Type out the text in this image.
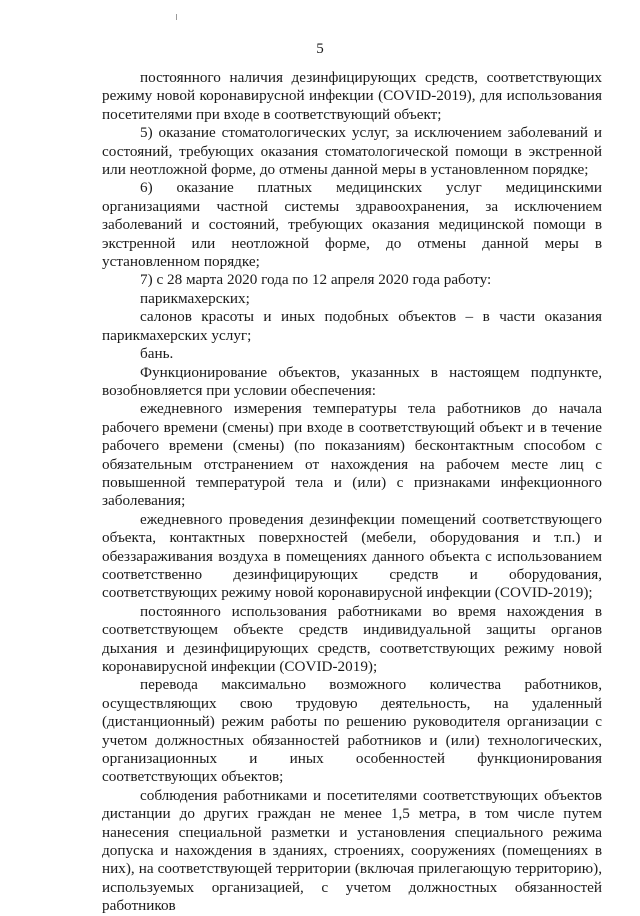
5

постоянного наличия дезинфицирующих средств, соответствующих режиму новой коронавирусной инфекции (COVID-2019), для использования посетителями при входе в соответствующий объект;

5) оказание стоматологических услуг, за исключением заболеваний и состояний, требующих оказания стоматологической помощи в экстренной или неотложной форме, до отмены данной меры в установленном порядке;

6) оказание платных медицинских услуг медицинскими организациями частной системы здравоохранения, за исключением заболеваний и состояний, требующих оказания медицинской помощи в экстренной или неотложной форме, до отмены данной меры в установленном порядке;

7) с 28 марта 2020 года по 12 апреля 2020 года работу:

парикмахерских;

салонов красоты и иных подобных объектов – в части оказания парикмахерских услуг;

бань.

Функционирование объектов, указанных в настоящем подпункте, возобновляется при условии обеспечения:

ежедневного измерения температуры тела работников до начала рабочего времени (смены) при входе в соответствующий объект и в течение рабочего времени (смены) (по показаниям) бесконтактным способом с обязательным отстранением от нахождения на рабочем месте лиц с повышенной температурой тела и (или) с признаками инфекционного заболевания;

ежедневного проведения дезинфекции помещений соответствующего объекта, контактных поверхностей (мебели, оборудования и т.п.) и обеззараживания воздуха в помещениях данного объекта с использованием соответственно дезинфицирующих средств и оборудования, соответствующих режиму новой коронавирусной инфекции (COVID-2019);

постоянного использования работниками во время нахождения в соответствующем объекте средств индивидуальной защиты органов дыхания и дезинфицирующих средств, соответствующих режиму новой коронавирусной инфекции (COVID-2019);

перевода максимально возможного количества работников, осуществляющих свою трудовую деятельность, на удаленный (дистанционный) режим работы по решению руководителя организации с учетом должностных обязанностей работников и (или) технологических, организационных и иных особенностей функционирования соответствующих объектов;

соблюдения работниками и посетителями соответствующих объектов дистанции до других граждан не менее 1,5 метра, в том числе путем нанесения специальной разметки и установления специального режима допуска и нахождения в зданиях, строениях, сооружениях (помещениях в них), на соответствующей территории (включая прилегающую территорию), используемых организацией, с учетом должностных обязанностей работников
